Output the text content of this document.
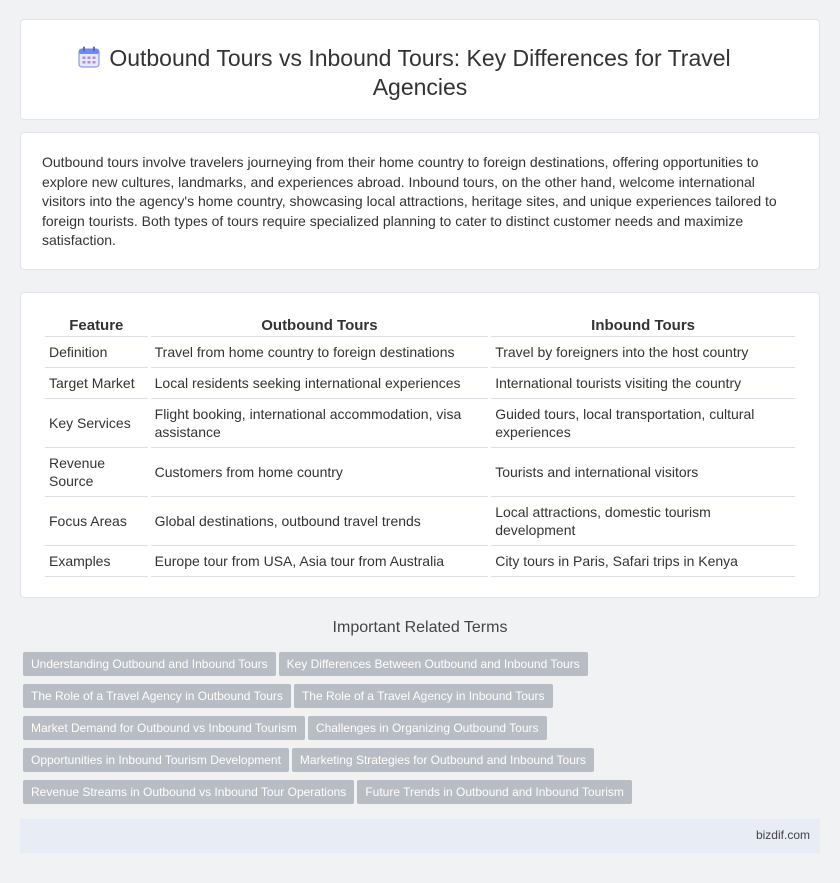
Outbound Tours vs Inbound Tours: Key Differences for Travel Agencies

Outbound tours involve travelers journeying from their home country to foreign destinations, offering opportunities to explore new cultures, landmarks, and experiences abroad. Inbound tours, on the other hand, welcome international visitors into the agency's home country, showcasing local attractions, heritage sites, and unique experiences tailored to foreign tourists. Both types of tours require specialized planning to cater to distinct customer needs and maximize satisfaction.

Feature	Outbound Tours	Inbound Tours
Definition	Travel from home country to foreign destinations	Travel by foreigners into the host country
Target Market	Local residents seeking international experiences	International tourists visiting the country
Key Services	Flight booking, international accommodation, visa assistance	Guided tours, local transportation, cultural experiences
Revenue Source	Customers from home country	Tourists and international visitors
Focus Areas	Global destinations, outbound travel trends	Local attractions, domestic tourism development
Examples	Europe tour from USA, Asia tour from Australia	City tours in Paris, Safari trips in Kenya
Important Related Terms
Understanding Outbound and Inbound Tours Key Differences Between Outbound and Inbound Tours
The Role of a Travel Agency in Outbound Tours The Role of a Travel Agency in Inbound Tours
Market Demand for Outbound vs Inbound Tourism Challenges in Organizing Outbound Tours
Opportunities in Inbound Tourism Development Marketing Strategies for Outbound and Inbound Tours
Revenue Streams in Outbound vs Inbound Tour Operations Future Trends in Outbound and Inbound Tourism
bizdif.com
